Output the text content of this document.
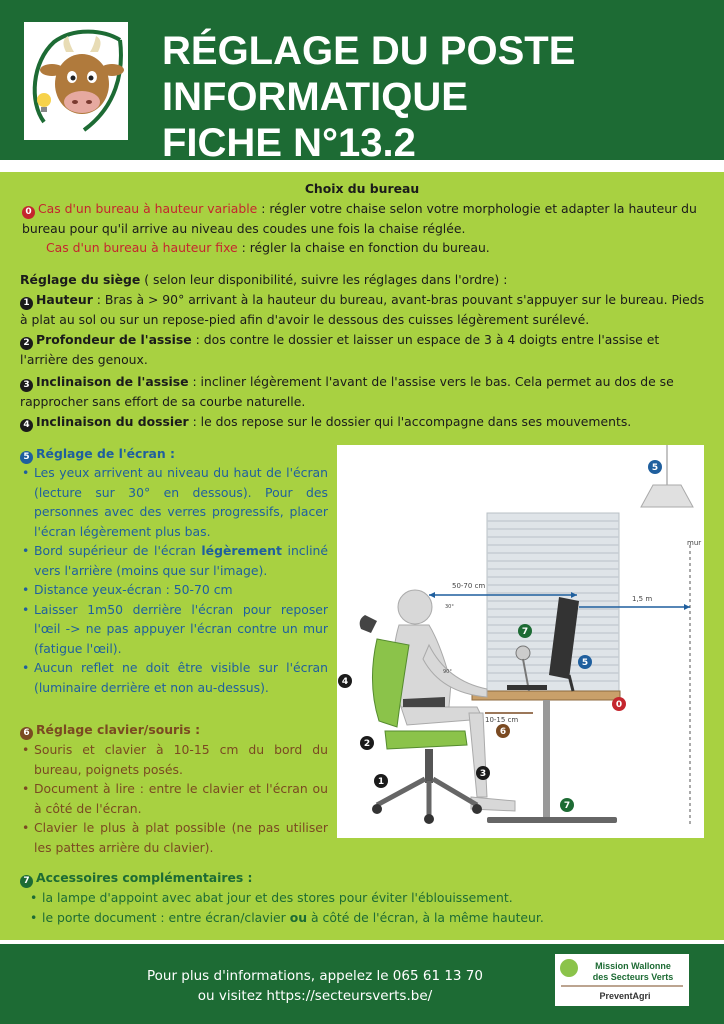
RÉGLAGE DU POSTE INFORMATIQUE
FICHE N°13.2
Choix du bureau
0 Cas d'un bureau à hauteur variable : régler votre chaise selon votre morphologie et adapter la hauteur du bureau pour qu'il arrive au niveau des coudes une fois la chaise réglée.
Cas d'un bureau à hauteur fixe : régler la chaise en fonction du bureau.
Réglage du siège ( selon leur disponibilité, suivre les réglages dans l'ordre) :
1 Hauteur : Bras à > 90° arrivant à la hauteur du bureau, avant-bras pouvant s'appuyer sur le bureau. Pieds à plat au sol ou sur un repose-pied afin d'avoir le dessous des cuisses légèrement surélevé.
2 Profondeur de l'assise : dos contre le dossier et laisser un espace de 3 à 4 doigts entre l'assise et l'arrière des genoux.
3 Inclinaison de l'assise : incliner légèrement l'avant de l'assise vers le bas. Cela permet au dos de se rapprocher sans effort de sa courbe naturelle.
4 Inclinaison du dossier : le dos repose sur le dossier qui l'accompagne dans ses mouvements.
5 Réglage de l'écran :
• Les yeux arrivent au niveau du haut de l'écran (lecture sur 30° en dessous). Pour des personnes avec des verres progressifs, placer l'écran légèrement plus bas.
• Bord supérieur de l'écran légèrement incliné vers l'arrière (moins que sur l'image).
• Distance yeux-écran : 50-70 cm
• Laisser 1m50 derrière l'écran pour reposer l'œil -> ne pas appuyer l'écran contre un mur (fatigue l'œil).
• Aucun reflet ne doit être visible sur l'écran (luminaire derrière et non au-dessus).
6 Réglage clavier/souris :
• Souris et clavier à 10-15 cm du bord du bureau, poignets posés.
• Document à lire : entre le clavier et l'écran ou à côté de l'écran.
• Clavier le plus à plat possible (ne pas utiliser les pattes arrière du clavier).
7 Accessoires complémentaires :
• la lampe d'appoint avec abat jour et des stores pour éviter l'éblouissement.
• le porte document : entre écran/clavier ou à côté de l'écran, à la même hauteur.
mur
50-70 cm
1,5 m
30°
90°
10-15 cm
5
7
5
0
6
4
2
3
1
7
Pour plus d'informations, appelez le 065 61 13 70
ou visitez https://secteursverts.be/
Mission Wallonne
des Secteurs Verts
PreventAgri
